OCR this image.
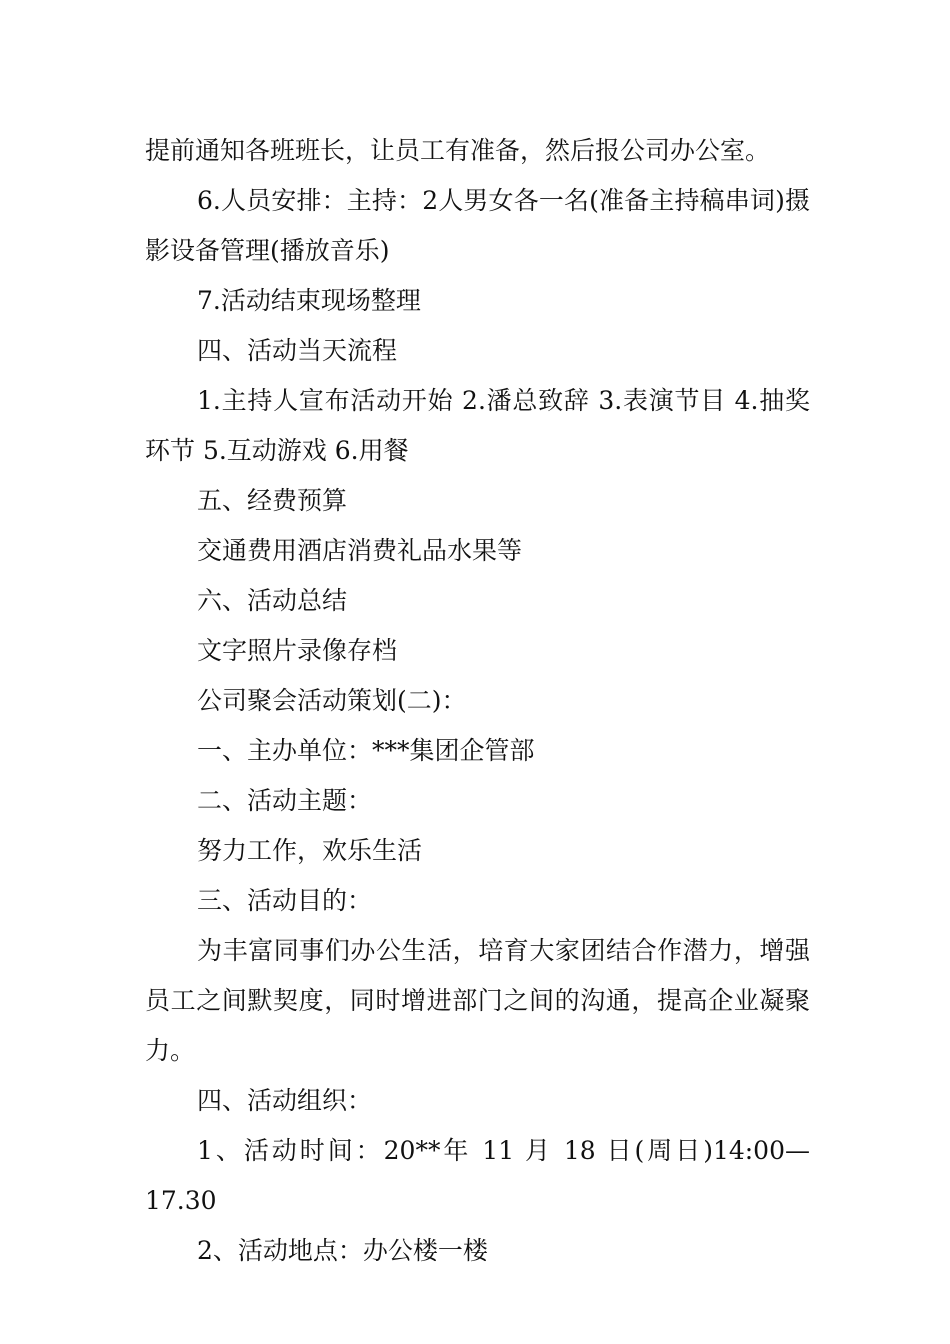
提前通知各班班长，让员工有准备，然后报公司办公室。

6.人员安排：主持：2人男女各一名(准备主持稿串词)摄影设备管理(播放音乐)

7.活动结束现场整理

四、活动当天流程

1.主持人宣布活动开始 2.潘总致辞 3.表演节目 4.抽奖环节 5.互动游戏 6.用餐

五、经费预算

交通费用酒店消费礼品水果等

六、活动总结

文字照片录像存档

公司聚会活动策划(二)：

一、主办单位：***集团企管部

二、活动主题：

努力工作，欢乐生活

三、活动目的：

为丰富同事们办公生活，培育大家团结合作潜力，增强员工之间默契度，同时增进部门之间的沟通，提高企业凝聚力。

四、活动组织：

1、活动时间：20**年 11 月 18 日(周日)14:00—17.30

2、活动地点：办公楼一楼
